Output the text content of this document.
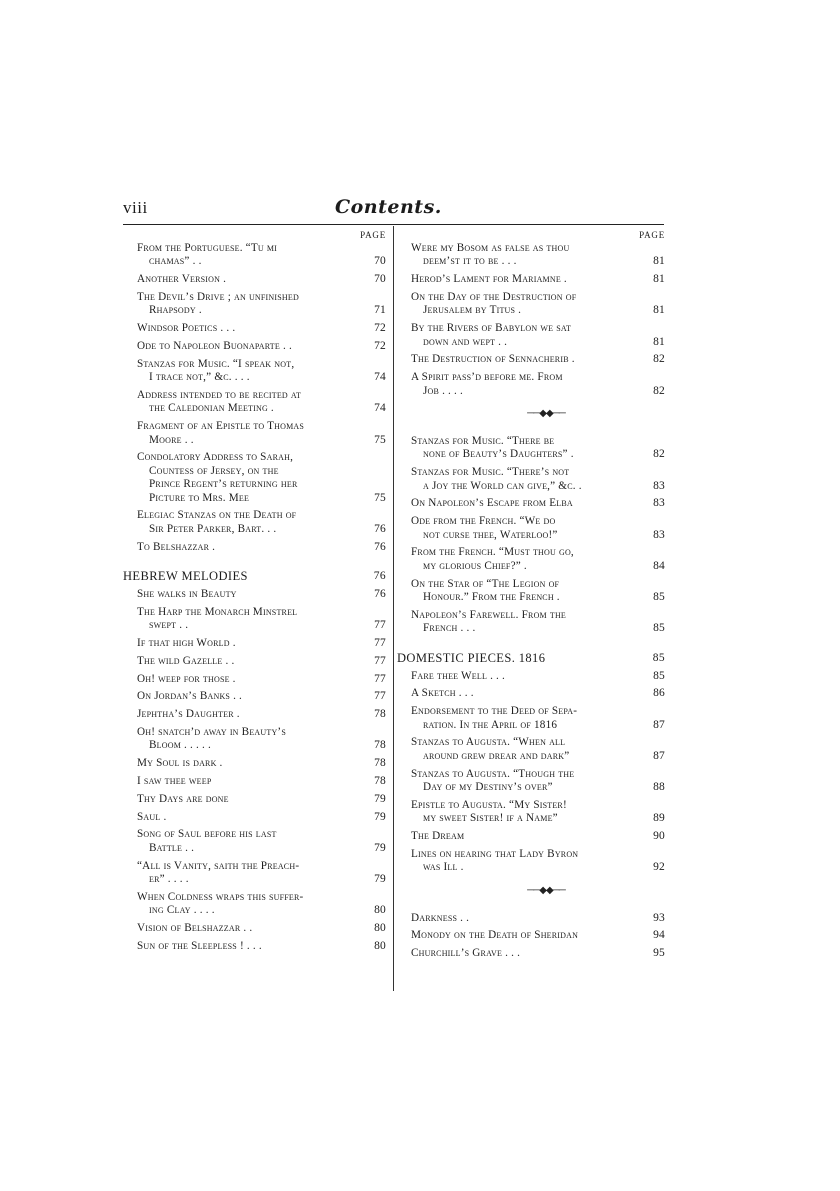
viii	Contents.
PAGE
From the Portuguese. “Tu mi
chamas” . .	70
Another Version .	70
The Devil’s Drive ; an unfinished
Rhapsody .	71
Windsor Poetics . . .	72
Ode to Napoleon Buonaparte . .	72
Stanzas for Music. “I speak not,
I trace not,” &c. . . .	74
Address intended to be recited at
the Caledonian Meeting .	74
Fragment of an Epistle to Thomas
Moore . .	75
Condolatory Address to Sarah,
Countess of Jersey, on the
Prince Regent’s returning her
Picture to Mrs. Mee	75
Elegiac Stanzas on the Death of
Sir Peter Parker, Bart. . .	76
To Belshazzar .	76
HEBREW MELODIES	76
She walks in Beauty	76
The Harp the Monarch Minstrel
swept . .	77
If that high World .	77
The wild Gazelle . .	77
Oh! weep for those .	77
On Jordan’s Banks . .	77
Jephtha’s Daughter .	78
Oh! snatch’d away in Beauty’s
Bloom . . . . .	78
My Soul is dark .	78
I saw thee weep	78
Thy Days are done	79
Saul .	79
Song of Saul before his last
Battle . .	79
“All is Vanity, saith the Preach-
er” . . . .	79
When Coldness wraps this suffer-
ing Clay . . . .	80
Vision of Belshazzar . .	80
Sun of the Sleepless ! . . .	80
PAGE
Were my Bosom as false as thou
deem’st it to be . . .	81
Herod’s Lament for Mariamne .	81
On the Day of the Destruction of
Jerusalem by Titus .	81
By the Rivers of Babylon we sat
down and wept . .	81
The Destruction of Sennacherib .	82
A Spirit pass’d before me. From
Job . . . .	82
──◆◆──
Stanzas for Music. “There be
none of Beauty’s Daughters” .	82
Stanzas for Music. “There’s not
a Joy the World can give,” &c. .	83
On Napoleon’s Escape from Elba	83
Ode from the French. “We do
not curse thee, Waterloo!”	83
From the French. “Must thou go,
my glorious Chief?” .	84
On the Star of “The Legion of
Honour.” From the French .	85
Napoleon’s Farewell. From the
French . . .	85
DOMESTIC PIECES. 1816	85
Fare thee Well . . .	85
A Sketch . . .	86
Endorsement to the Deed of Sepa-
ration. In the April of 1816	87
Stanzas to Augusta. “When all
around grew drear and dark”	87
Stanzas to Augusta. “Though the
Day of my Destiny’s over”	88
Epistle to Augusta. “My Sister!
my sweet Sister! if a Name”	89
The Dream	90
Lines on hearing that Lady Byron
was Ill .	92
──◆◆──
Darkness . .	93
Monody on the Death of Sheridan	94
Churchill’s Grave . . .	95
